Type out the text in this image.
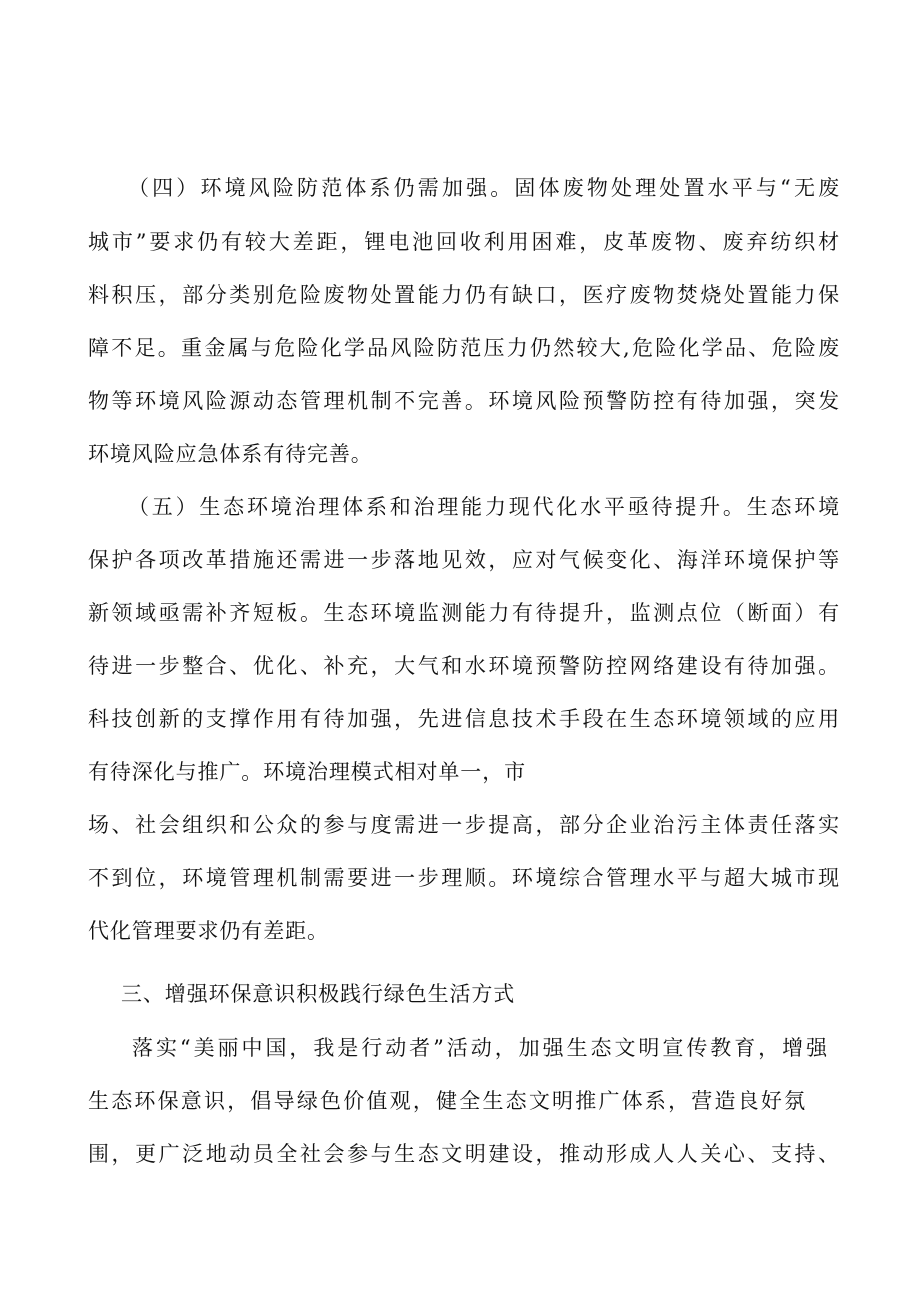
（四）环境风险防范体系仍需加强。固体废物处理处置水平与“无废
城市”要求仍有较大差距，锂电池回收利用困难，皮革废物、废弃纺织材
料积压，部分类别危险废物处置能力仍有缺口，医疗废物焚烧处置能力保
障不足。重金属与危险化学品风险防范压力仍然较大,危险化学品、危险废
物等环境风险源动态管理机制不完善。环境风险预警防控有待加强，突发
环境风险应急体系有待完善。
（五）生态环境治理体系和治理能力现代化水平亟待提升。生态环境
保护各项改革措施还需进一步落地见效，应对气候变化、海洋环境保护等
新领域亟需补齐短板。生态环境监测能力有待提升，监测点位（断面）有
待进一步整合、优化、补充，大气和水环境预警防控网络建设有待加强。
科技创新的支撑作用有待加强，先进信息技术手段在生态环境领域的应用
有待深化与推广。环境治理模式相对单一，市
场、社会组织和公众的参与度需进一步提高，部分企业治污主体责任落实
不到位，环境管理机制需要进一步理顺。环境综合管理水平与超大城市现
代化管理要求仍有差距。
三、增强环保意识积极践行绿色生活方式
落实“美丽中国，我是行动者”活动，加强生态文明宣传教育，增强
生态环保意识，倡导绿色价值观，健全生态文明推广体系，营造良好氛
围，更广泛地动员全社会参与生态文明建设，推动形成人人关心、支持、
